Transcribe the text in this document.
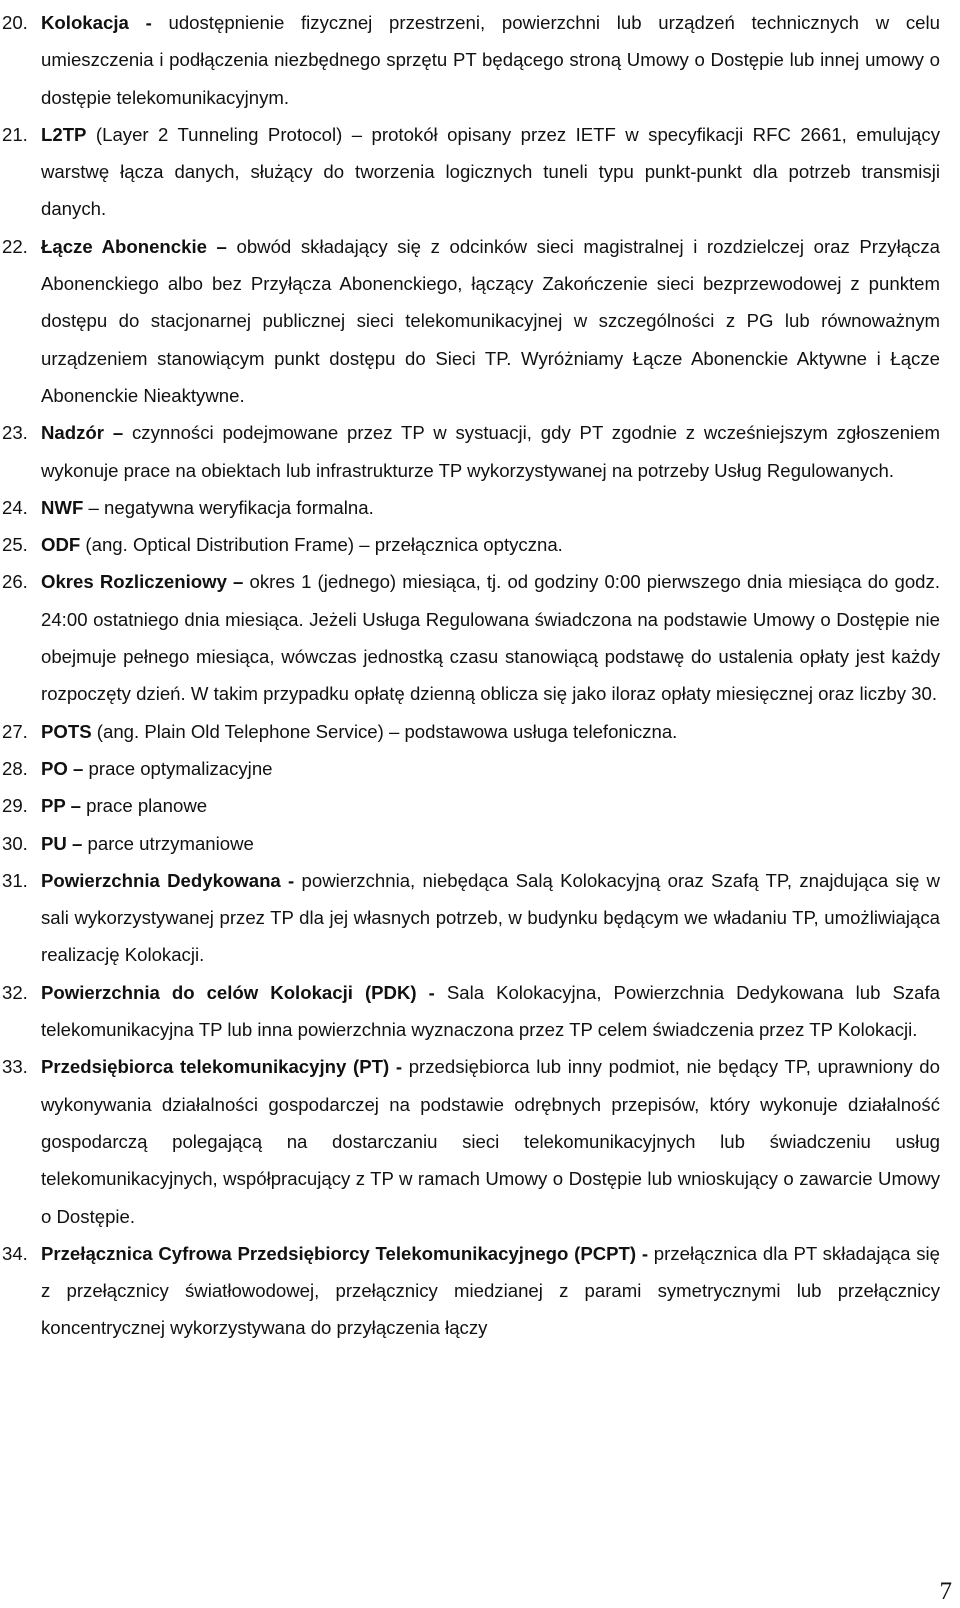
20. Kolokacja - udostępnienie fizycznej przestrzeni, powierzchni lub urządzeń technicznych w celu umieszczenia i podłączenia niezbędnego sprzętu PT będącego stroną Umowy o Dostępie lub innej umowy o dostępie telekomunikacyjnym.
21. L2TP (Layer 2 Tunneling Protocol) – protokół opisany przez IETF w specyfikacji RFC 2661, emulujący warstwę łącza danych, służący do tworzenia logicznych tuneli typu punkt-punkt dla potrzeb transmisji danych.
22. Łącze Abonenckie – obwód składający się z odcinków sieci magistralnej i rozdzielczej oraz Przyłącza Abonenckiego albo bez Przyłącza Abonenckiego, łączący Zakończenie sieci bezprzewodowej z punktem dostępu do stacjonarnej publicznej sieci telekomunikacyjnej w szczególności z PG lub równoważnym urządzeniem stanowiącym punkt dostępu do Sieci TP. Wyróżniamy Łącze Abonenckie Aktywne i Łącze Abonenckie Nieaktywne.
23. Nadzór – czynności podejmowane przez TP w systuacji, gdy PT zgodnie z wcześniejszym zgłoszeniem wykonuje prace na obiektach lub infrastrukturze TP wykorzystywanej na potrzeby Usług Regulowanych.
24. NWF – negatywna weryfikacja formalna.
25. ODF (ang. Optical Distribution Frame) – przełącznica optyczna.
26. Okres Rozliczeniowy – okres 1 (jednego) miesiąca, tj. od godziny 0:00 pierwszego dnia miesiąca do godz. 24:00 ostatniego dnia miesiąca. Jeżeli Usługa Regulowana świadczona na podstawie Umowy o Dostępie nie obejmuje pełnego miesiąca, wówczas jednostką czasu stanowiącą podstawę do ustalenia opłaty jest każdy rozpoczęty dzień. W takim przypadku opłatę dzienną oblicza się jako iloraz opłaty miesięcznej oraz liczby 30.
27. POTS (ang. Plain Old Telephone Service) – podstawowa usługa telefoniczna.
28. PO – prace optymalizacyjne
29. PP – prace planowe
30. PU – parce utrzymaniowe
31. Powierzchnia Dedykowana - powierzchnia, niebędąca Salą Kolokacyjną oraz Szafą TP, znajdująca się w sali wykorzystywanej przez TP dla jej własnych potrzeb, w budynku będącym we władaniu TP, umożliwiająca realizację Kolokacji.
32. Powierzchnia do celów Kolokacji (PDK) - Sala Kolokacyjna, Powierzchnia Dedykowana lub Szafa telekomunikacyjna TP lub inna powierzchnia wyznaczona przez TP celem świadczenia przez TP Kolokacji.
33. Przedsiębiorca telekomunikacyjny (PT) - przedsiębiorca lub inny podmiot, nie będący TP, uprawniony do wykonywania działalności gospodarczej na podstawie odrębnych przepisów, który wykonuje działalność gospodarczą polegającą na dostarczaniu sieci telekomunikacyjnych lub świadczeniu usług telekomunikacyjnych, współpracujący z TP w ramach Umowy o Dostępie lub wnioskujący o zawarcie Umowy o Dostępie.
34. Przełącznica Cyfrowa Przedsiębiorcy Telekomunikacyjnego (PCPT) - przełącznica dla PT składająca się z przełącznicy światłowodowej, przełącznicy miedzianej z parami symetrycznymi lub przełącznicy koncentrycznej wykorzystywana do przyłączenia łączy
7
